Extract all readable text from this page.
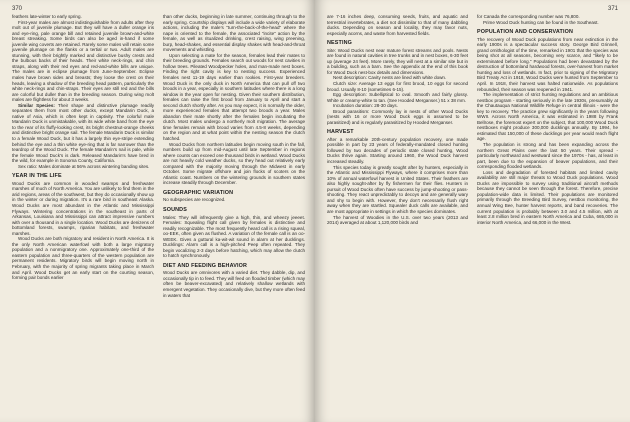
370

feathers late-winter to early spring.

First-year males are almost indistinguishable from adults after they molt out of juvenile plumage. But they will have a duller orange iris and eye-ring, pale orange bill and retained juvenile brown-and-white breast streaking. Some birds can also be aged in-hand if some juvenile wing coverts are retained. Rarely some males will retain some juvenile plumage on the flanks or a tertial or two. Adult males are stunning, with their brightly marked and distinctive bushy crests and the bulbous backs of their heads. Their white neck-rings, and chin straps, along with their red eyes and red-and-white bills are unique. The males are in eclipse plumage from June-September. Eclipse males have brown sides and breasts; they loose the crest on their heads, leaving a shadow of the breeding head pattern, particularly the white neck-rings and chin-straps. Their eyes are still red and the bills are colorful but duller than in the breeding season. During wing molt males are flightless for about 3 weeks.

Similar Species: Their shape and distinctive plumage readily separates them from most other ducks, except Mandarin Duck, a native of Asia, which is often kept in captivity. The colorful male Mandarin Duck is unmistakable, with its wide white band from the eye to the rear of its fluffy-looking crest, its bright chestnut-orange cheeks and distinctive bright orange sail. The female Mandarin Duck is similar to a female Wood Duck, but it has a largely thin eye-stripe extending behind the eye and a thin white eye-ring that is far narrower than the teardrop of the Wood Duck. The female Mandarin's nail is pale, while the female Wood Duck's is dark. Released Mandarin's have bred in the wild, for example in Sonoma County, California.

Sex ratio: Males dominate at 56% across wintering banding sites.

YEAR IN THE LIFE

Wood Ducks are common in wooded swamps and freshwater marshes of much of North America. You are unlikely to find them in the arid regions, areas of the southwest, but they do occasionally show up in the winter or during migration. It's a rare bird in southeast Alaska. Wood Ducks are most abundant in the Atlantic and Mississippi Flyways. Wintering concentrations in the southeast in parts of Arkansas, Louisiana and Mississippi can attract impressive numbers with over a thousand in a single location. Wood Ducks are denizens of bottomland forests, swamps, riparian habitats, and freshwater marshes.

Wood Ducks are both migratory and resident in North America. It is the only North American waterfowl with both a large migratory population and a nonmigratory one. Approximately one-third of the eastern population and three-quarters of the western population are permanent residents. Migratory birds will begin moving north in February, with the majority of spring migrants taking place in March and April. Wood Ducks get an early start on the courting season, forming pair bonds earlier

than other ducks, beginning in late summer, continuing through to the early spring. Courtship displays will include a wide variety of elaborate actions, including the male's "turn-the-back-of-the-head" where the nape is oriented to the female, the associated "incite" action by the female, as well as ritualized drinking, crest raising, wing preening, burp, head-shakes, and essential display shakes with head-and-throat movements and whistling.

Upon selecting a mate for the season, females lead their mates to their breeding grounds. Females search out woods for nest cavities in hollow trees. Pileated Woodpecker holes, and man-made nest boxes. Finding the right cavity is key to nesting success. Experienced females nest 11-19 days earlier than rookies. First-year breeders. Wood Duck is the only duck in North America that can pull off two broods in a year, especially in southern latitudes where there is a long window in the year open for nesting. Given their southern distribution, females can raise the first brood from January to April and start a second clutch shortly after. As you may expect, it is normally the older, more experienced females that attempt two broods a year. Males abandon their mate shortly after the females begin incubating the clutch. Most males undergo a northerly molt migration. The average time females remain with brood varies from 4.5-8 weeks, depending on the region and at what point within the nesting season the clutch hatched.

Wood Ducks from northern latitudes begin moving south in the fall, numbers build up from mid-August until late September in regions where counts can exceed one thousand birds in wetland. Wood Ducks are not heavily cold weather ducks, so they head out relatively early compared with the majority moving through the Midwest in early October. Some migrate offshore and join flocks of scoters on the Atlantic coast. Numbers on the wintering grounds in southern states increase steadily through December.

GEOGRAPHIC VARIATION

No subspecies are recognized.

SOUNDS

Males: They will infrequently give a high, thin, and wheezy jeeeet. Females: Squealing flight call given by females is distinctive and readily recognizable. The most frequently heard call is a rising squeal, oo-EEK, often given as flushed. A variation of the female call is an oo-WEEK. Gives a guttural ka-wit-wit sound in alarm at her ducklings. Ducklings: Alarm call is a high-pitched Peep often repeated. They begin vocalizing 2-3 days before hatching, which may allow the clutch to hatch synchronously.

DIET AND FEEDING BEHAVIOR

Wood Ducks are omnivores with a varied diet. They dabble, dip, and occasionally tip in to feed. They will feed on flooded timber (which may often be beaver-excavated) and relatively shallow wetlands with emergent vegetation. They occasionally dive, but they more often feed in waters that

371

are 7-16 inches deep, consuming seeds, fruits, and aquatic and terrestrial invertebrates, a diet not dissimilar to that of many dabbling ducks. Depending on season and locality, they may favor nuts, especially acorns, and waste from harvested fields.

NESTING

Site: Wood Ducks nest near mature forest streams and pools. Nests are found in natural cavities in tree trunks and in nest boxes, 6-30 feet up (average 24 feet). More rarely, they will nest at a similar site but in a building, such as a barn. See the appendix at the end of this book for Wood Duck nest-box details and dimensions.

Nest description: Cavity nests are lined with white down.

Clutch size: Average 13 eggs for first brood, 10 eggs for second brood. Usually 8-10 (sometimes 6-15).

Egg description: Subelliptical to oval. Smooth and fairly glossy. White or creamy-white to tan. (See Hooded Merganser.) 51 x 38 mm.

Incubation duration: 28-30 days.

Brood parasitism: Commonly lay in nests of other Wood Ducks (nests with 16 or more Wood Duck eggs is assumed to be parasitized) and is regularly parasitized by Hooded Merganser.

HARVEST

After a remarkable 20th-century population recovery, one made possible in part by 23 years of federally-mandated closed hunting followed by two decades of periodic state closed hunting, Wood Ducks thrive again. Starting around 1960, the Wood Duck harvest increased steadily.

This species today is greatly sought after by hunters, especially in the Atlantic and Mississippi Flyways, where it comprises more than 10% of annual waterfowl harvest in United States. Their feathers are also highly sought-after by fly fishermen for their flies. Hunters in pursuit of Wood Ducks often have success by jump-shooting or pass-shooting. They react unpredictably to decoys and are generally wary and shy to begin with. However, they don't necessarily flush right away when they are startled. Squealer duck calls are available, and are most appropriate in settings in which the species dominates.

The harvest of Woodies in the U.S. over two years (2013 and 2014) averaged at about 1,120,000 birds and

for Canada the corresponding number was 76,800.

Prime Wood Duck hunting can be found in the Southeast.

POPULATION AND CONSERVATION

The recovery of Wood Duck populations from near extinction in the early 1900s is a spectacular success story. George Bird Grinnell, grand ornithologist of the time, remarked in 1901 that the species was being shot at all seasons, becoming very scarce, and "likely to be exterminated before long." Populations had been devastated by the destruction of bottomland hardwood forests, over-harvest from market hunting and loss of wetlands. In fact, prior to signing of the Migratory Bird Treaty Act in 1918, Wood Ducks were hunted from September to April. In 1918, their harvest was halted nationwide. As populations rebounded, their season was reopened in 1941.

The implementation of strict hunting regulations and an ambitious nestbox program - starting seriously in the late 1930s, presumably at the Chautauqua National Wildlife Refuge in central Illinois - were the key to recovery. The practice grew significantly in the years following WWII. Across North America, it was estimated in 1988 by Frank Bellrose, the foremost expert on the subject, that 100,000 Wood Duck nestboxes might produce 300,000 ducklings annually. By 1994, he estimated that 150,000 of these ducklings per year would reach flight age.

The population is strong and has been expanding across the northern Great Plains over the last 50 years. Their spread - particularly northward and westward since the 1970s - has, at least in part, been due to the expansion of beaver populations, and their corresponding flooded wetlands.

Loss and degradation of forested habitats and limited cavity availability are still major threats to Wood Duck populations. Wood Ducks are impossible to survey using traditional aircraft methods because they cannot be seen through the forest. Therefore, precise population-wide data is limited. Their populations are monitored primarily through the Breeding Bird Survey, nestbox monitoring, the annual Wing Bee, hunter harvest reports, and band recoveries. The current population is probably between 3.0 and 4.5 million, with at least 2.8 million bred in eastern North America and Cuba, 665,000 in interior North America, and 66,000 in the West.
